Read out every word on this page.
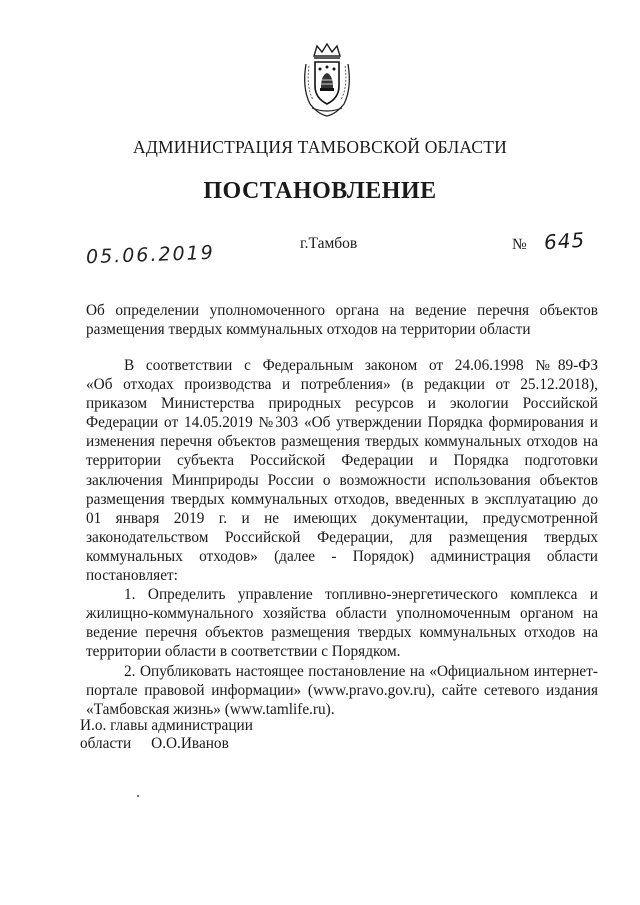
АДМИНИСТРАЦИЯ ТАМБОВСКОЙ ОБЛАСТИ
ПОСТАНОВЛЕНИЕ
05.06.2019	г.Тамбов	№ 645
Об определении уполномоченного органа на ведение перечня объектов
размещения твердых коммунальных отходов на территории области
В соответствии с Федеральным законом от 24.06.1998 №89-ФЗ
«Об отходах производства и потребления» (в редакции от 25.12.2018),
приказом Министерства природных ресурсов и экологии Российской
Федерации от 14.05.2019 №303 «Об утверждении Порядка формирования и
изменения перечня объектов размещения твердых коммунальных отходов на
территории субъекта Российской Федерации и Порядка подготовки
заключения Минприроды России о возможности использования объектов
размещения твердых коммунальных отходов, введенных в эксплуатацию до
01 января 2019 г. и не имеющих документации, предусмотренной
законодательством Российской Федерации, для размещения твердых
коммунальных отходов» (далее - Порядок) администрация области
постановляет:
1. Определить управление топливно-энергетического комплекса и
жилищно-коммунального хозяйства области уполномоченным органом на
ведение перечня объектов размещения твердых коммунальных отходов на
территории области в соответствии с Порядком.
2. Опубликовать настоящее постановление на «Официальном интернет-
портале правовой информации» (www.pravo.gov.ru), сайте сетевого издания
«Тамбовская жизнь» (www.tamlife.ru).
И.о. главы администрации
области О.О.Иванов
